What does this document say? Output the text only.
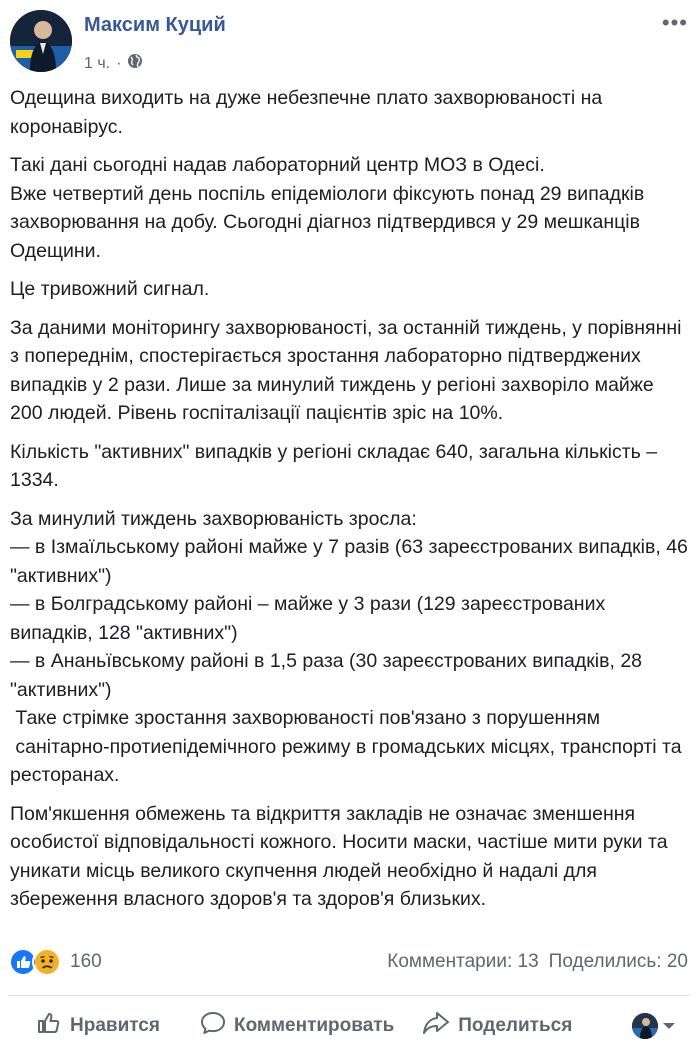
Максим Куций
1 ч. ·
•••

Одещина виходить на дуже небезпечне плато захворюваності на коронавірус.

Такі дані сьогодні надав лабораторний центр МОЗ в Одесі.
Вже четвертий день поспіль епідеміологи фіксують понад 29 випадків захворювання на добу. Сьогодні діагноз підтвердився у 29 мешканців Одещини.

Це тривожний сигнал.

За даними моніторингу захворюваності, за останній тиждень, у порівнянні з попереднім, спостерігається зростання лабораторно підтверджених випадків у 2 рази. Лише за минулий тиждень у регіоні захворіло майже 200 людей. Рівень госпіталізації пацієнтів зріс на 10%.

Кількість "активних" випадків у регіоні складає 640, загальна кількість – 1334.

За минулий тиждень захворюваність зросла:
— в Ізмаїльському районі майже у 7 разів (63 зареєстрованих випадків, 46 "активних")
— в Болградському районі – майже у 3 рази (129 зареєстрованих випадків, 128 "активних")
— в Ананьївському районі в 1,5 раза (30 зареєстрованих випадків, 28 "активних")
Таке стрімке зростання захворюваності пов'язано з порушенням
санітарно-протиепідемічного режиму в громадських місцях, транспорті та ресторанах.

Пом'якшення обмежень та відкриття закладів не означає зменшення особистої відповідальності кожного. Носити маски, частіше мити руки та уникати місць великого скупчення людей необхідно й надалі для збереження власного здоров'я та здоров'я близьких.

160	Комментарии: 13 Поделились: 20
Нравится	Комментировать	Поделиться
